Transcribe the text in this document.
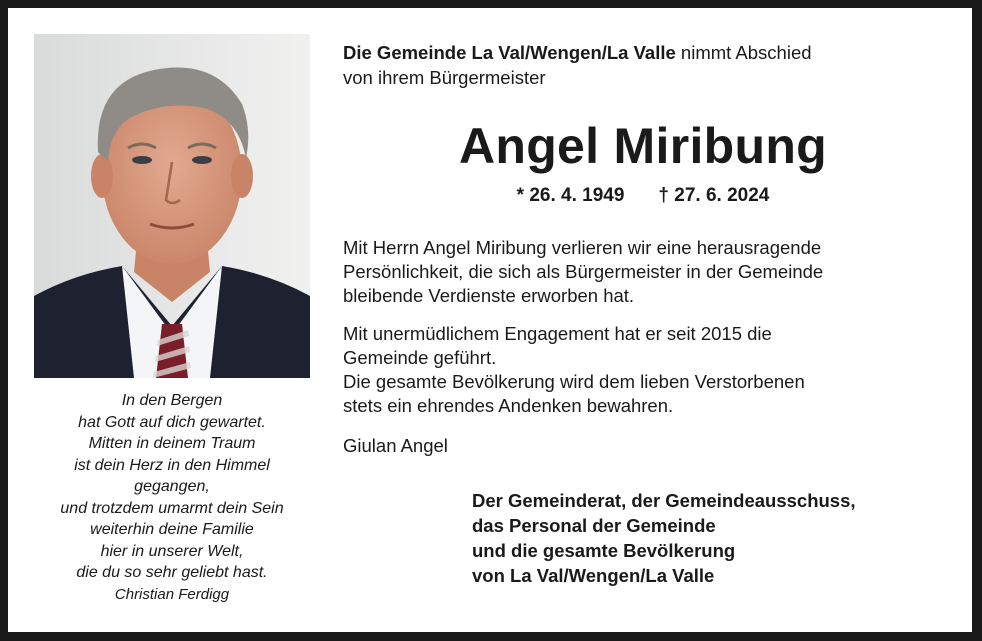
In den Bergen
hat Gott auf dich gewartet.
Mitten in deinem Traum
ist dein Herz in den Himmel
gegangen,
und trotzdem umarmt dein Sein
weiterhin deine Familie
hier in unserer Welt,
die du so sehr geliebt hast.
Christian Ferdigg
Die Gemeinde La Val/Wengen/La Valle nimmt Abschied
von ihrem Bürgermeister
Angel Miribung
* 26. 4. 1949 † 27. 6. 2024
Mit Herrn Angel Miribung verlieren wir eine herausragende
Persönlichkeit, die sich als Bürgermeister in der Gemeinde
bleibende Verdienste erworben hat.
Mit unermüdlichem Engagement hat er seit 2015 die
Gemeinde geführt.
Die gesamte Bevölkerung wird dem lieben Verstorbenen
stets ein ehrendes Andenken bewahren.
Giulan Angel
Der Gemeinderat, der Gemeindeausschuss,
das Personal der Gemeinde
und die gesamte Bevölkerung
von La Val/Wengen/La Valle
